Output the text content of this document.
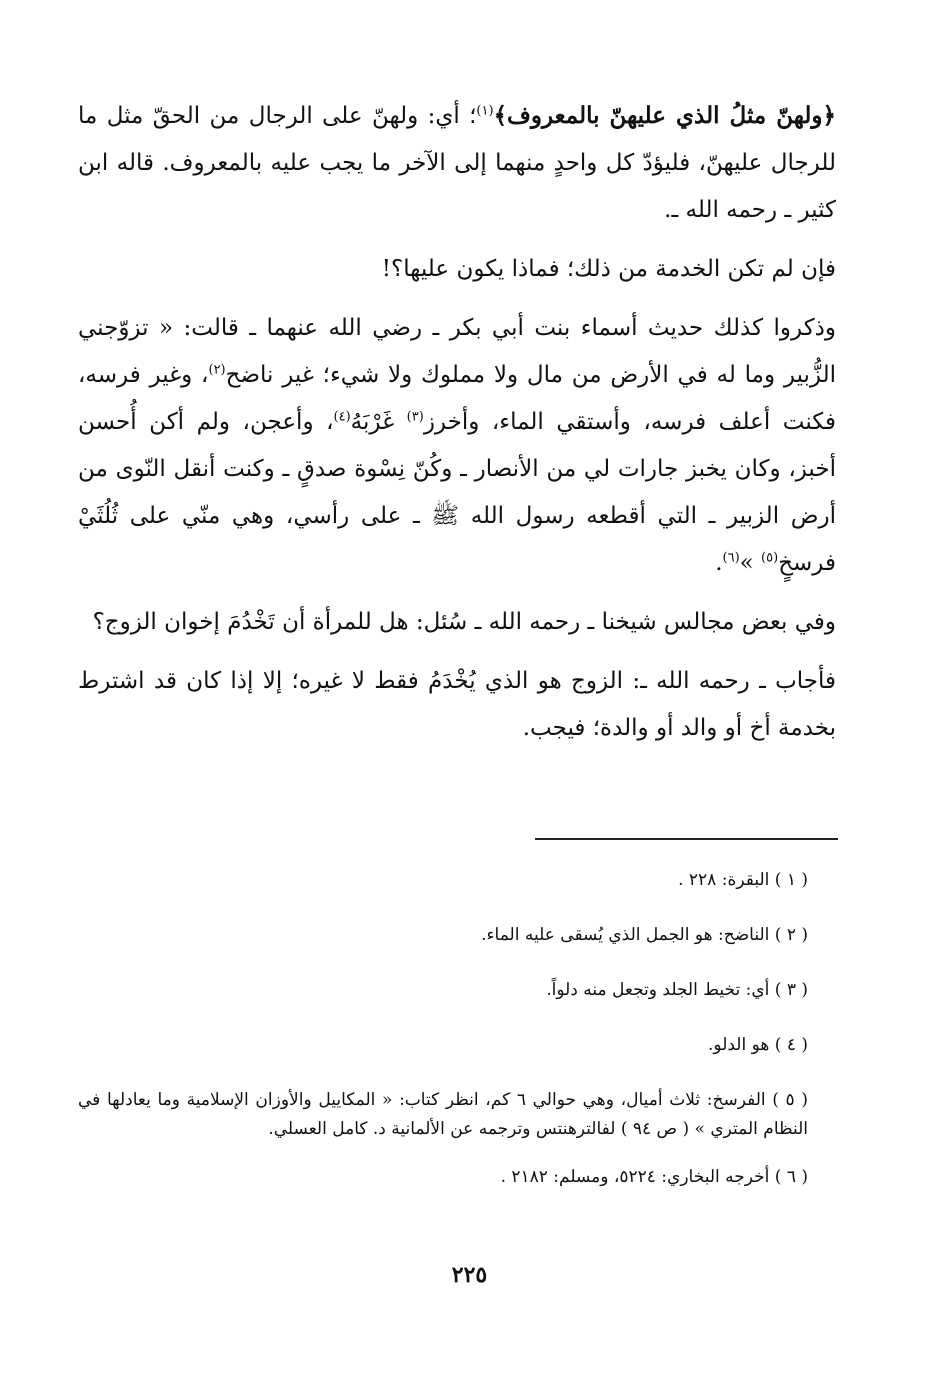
﴿ولهنّ مثلُ الذي عليهنّ بالمعروف﴾$^{(١)}$؛ أي: ولهنّ على الرجال من الحقّ مثل ما للرجال عليهنّ، فليؤدّ كل واحدٍ منهما إلى الآخر ما يجب عليه بالمعروف. قاله ابن كثير ـ رحمه الله ـ.

فإن لم تكن الخدمة من ذلك؛ فماذا يكون عليها؟!

وذكروا كذلك حديث أسماء بنت أبي بكر ـ رضي الله عنهما ـ قالت: « تزوّجني الزُّبير وما له في الأرض من مال ولا مملوك ولا شيء؛ غير ناضح$^{(٢)}$، وغير فرسه، فكنت أعلف فرسه، وأستقي الماء، وأخرز$^{(٣)}$ غَرْبَهُ$^{(٤)}$، وأعجن، ولم أكن أُحسن أخبز، وكان يخبز جارات لي من الأنصار ـ وكُنّ نِسْوة صدقٍ ـ وكنت أنقل النّوى من أرض الزبير ـ التي أقطعه رسول الله ﷺ ـ على رأسي، وهي منّي على ثُلُثَيْ فرسخٍ$^{(٥)}$ »$^{(٦)}$.

وفي بعض مجالس شيخنا ـ رحمه الله ـ سُئل: هل للمرأة أن تَخْدُمَ إخوان الزوج؟

فأجاب ـ رحمه الله ـ: الزوج هو الذي يُخْدَمُ فقط لا غيره؛ إلا إذا كان قد اشترط بخدمة أخ أو والد أو والدة؛ فيجب.

( ١ ) البقرة: ٢٢٨ .

( ٢ ) الناضح: هو الجمل الذي يُسقى عليه الماء.

( ٣ ) أي: تخيط الجلد وتجعل منه دلواً.

( ٤ ) هو الدلو.

( ٥ ) الفرسخ: ثلاث أميال، وهي حوالي ٦ كم، انظر كتاب: « المكاييل والأوزان الإسلامية وما يعادلها في النظام المتري » ( ص ٩٤ ) لفالترهنتس وترجمه عن الألمانية د. كامل العسلي.

( ٦ ) أخرجه البخاري: ٥٢٢٤، ومسلم: ٢١٨٢ .

٢٢٥
